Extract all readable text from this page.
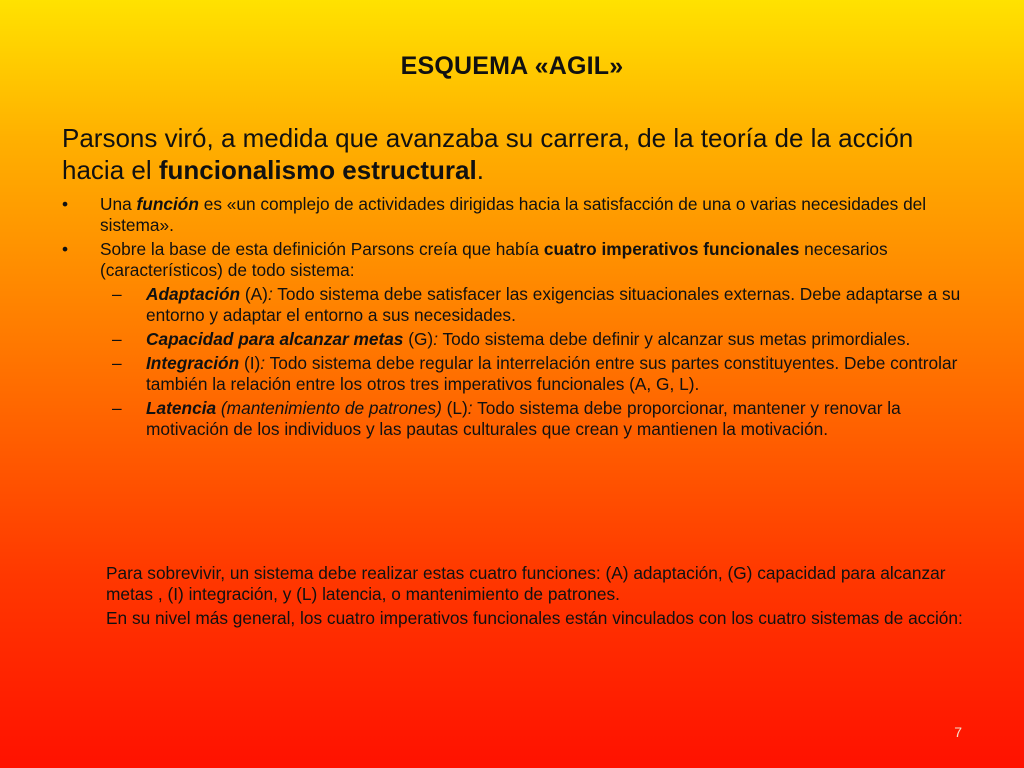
ESQUEMA «AGIL»
Parsons viró, a medida que avanzaba su carrera, de la teoría de la acción hacia el funcionalismo estructural.
•	Una función es «un complejo de actividades dirigidas hacia la satisfacción de una o varias necesidades del sistema».
•	Sobre la base de esta definición Parsons creía que había cuatro imperativos funcionales necesarios (característicos) de todo sistema:
– Adaptación (A): Todo sistema debe satisfacer las exigencias situacionales externas. Debe adaptarse a su entorno y adaptar el entorno a sus necesidades.
– Capacidad para alcanzar metas (G): Todo sistema debe definir y alcanzar sus metas primordiales.
– Integración (I): Todo sistema debe regular la interrelación entre sus partes constituyentes. Debe controlar también la relación entre los otros tres imperativos funcionales (A, G, L).
– Latencia (mantenimiento de patrones) (L): Todo sistema debe proporcionar, mantener y renovar la motivación de los individuos y las pautas culturales que crean y mantienen la motivación.

Para sobrevivir, un sistema debe realizar estas cuatro funciones: (A) adaptación, (G) capacidad para alcanzar metas , (I) integración, y (L) latencia, o mantenimiento de patrones.

En su nivel más general, los cuatro imperativos funcionales están vinculados con los cuatro sistemas de acción:

7
